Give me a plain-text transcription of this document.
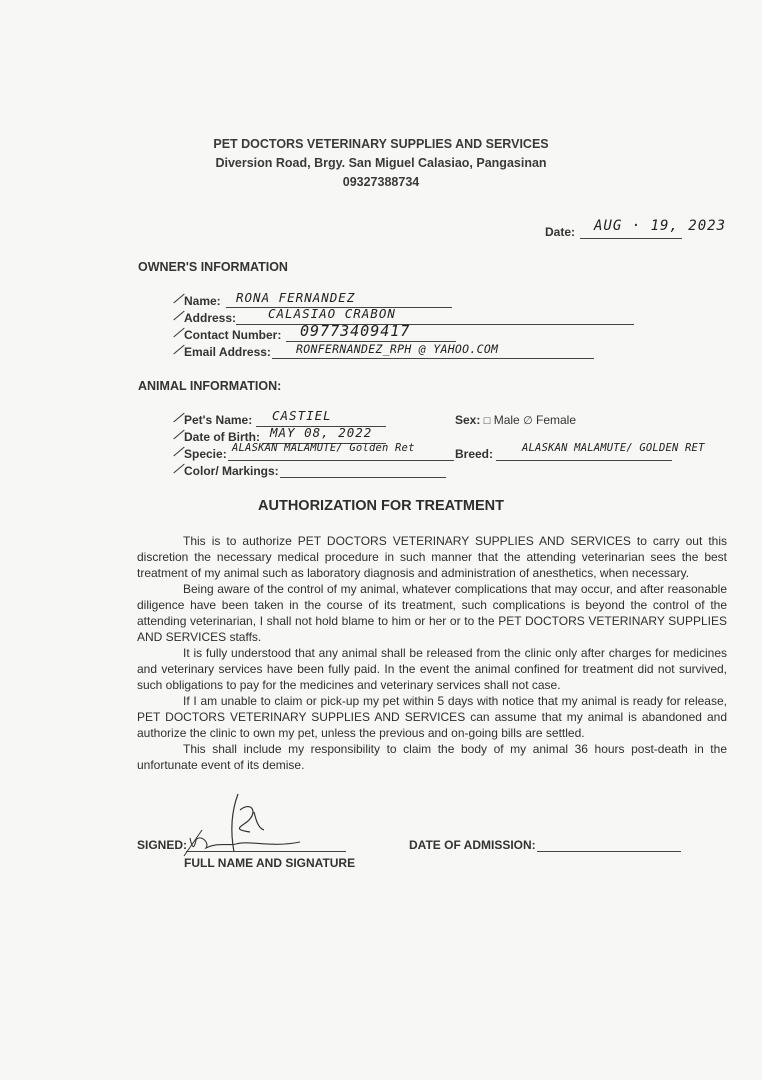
PET DOCTORS VETERINARY SUPPLIES AND SERVICES
Diversion Road, Brgy. San Miguel Calasiao, Pangasinan
09327388734
Date: AUG · 19, 2023
OWNER'S INFORMATION
Name: RONA FERNANDEZ
Address:	CALASIAO CRABON
Contact Number: 09773409417
Email Address: RONFERNANDEZ_RPH @ YAHOO.COM
ANIMAL INFORMATION:
Pet's Name: CASTIEL	Sex: □ Male ∅ Female
Date of Birth: MAY 08, 2022
Specie: ALASKAN MALAMUTE/ Golden Ret	Breed:	ALASKAN MALAMUTE/ GOLDEN RET
Color/ Markings:
AUTHORIZATION FOR TREATMENT

This is to authorize PET DOCTORS VETERINARY SUPPLIES AND SERVICES to carry out this discretion the necessary medical procedure in such manner that the attending veterinarian sees the best treatment of my animal such as laboratory diagnosis and administration of anesthetics, when necessary.

Being aware of the control of my animal, whatever complications that may occur, and after reasonable diligence have been taken in the course of its treatment, such complications is beyond the control of the attending veterinarian, I shall not hold blame to him or her or to the PET DOCTORS VETERINARY SUPPLIES AND SERVICES staffs.

It is fully understood that any animal shall be released from the clinic only after charges for medicines and veterinary services have been fully paid. In the event the animal confined for treatment did not survived, such obligations to pay for the medicines and veterinary services shall not case.

If I am unable to claim or pick-up my pet within 5 days with notice that my animal is ready for release, PET DOCTORS VETERINARY SUPPLIES AND SERVICES can assume that my animal is abandoned and authorize the clinic to own my pet, unless the previous and on-going bills are settled.

This shall include my responsibility to claim the body of my animal 36 hours post-death in the unfortunate event of its demise.

SIGNED:
FULL NAME AND SIGNATURE
DATE OF ADMISSION:
